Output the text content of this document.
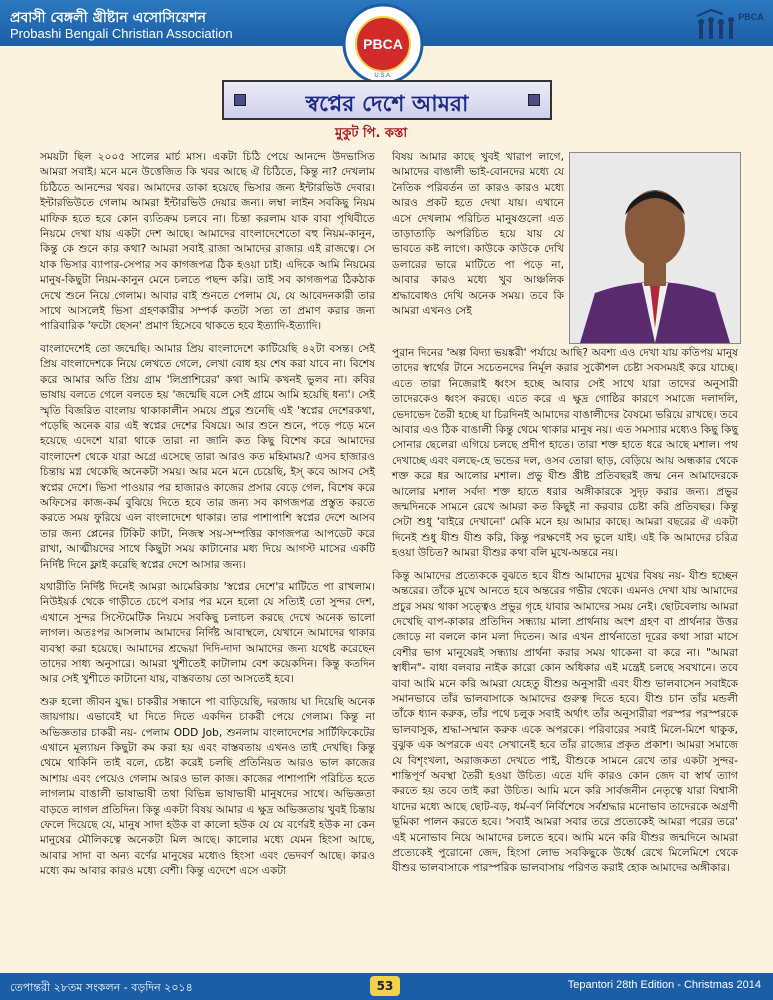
প্রবাসী বেঙ্গলী খ্রীষ্টান এসোসিয়েশন
Probashi Bengali Christian Association
PBCA
U.S.A.
PBCA
স্বপ্নের দেশে আমরা
মুকুট পি. কস্তা

সময়টা ছিল ২০০৫ সালের মার্চ মাস। একটা চিঠি পেয়ে আনন্দে উদভাসিত আমরা সবাই। মনে মনে উত্তেজিত কি খবর আছে ঐ চিঠিতে, কিন্তু না? দেখলাম চিঠিতে আনন্দের খবর। আমাদের ডাকা হয়েছে ভিসার জন্য ইন্টারভিউ দেবার। ইন্টারভিউতে গেলাম আমরা ইন্টারভিউ দেয়ার জন্য। লম্বা লাইন সবকিছু নিয়ম মাফিক হতে হবে কোন ব্যতিক্রম চলবে না। চিন্তা করলাম যাক বাবা পৃথিবীতে নিয়মে দেখা যায় একটা দেশ আছে। আমাদের বাংলাদেশেতো বহু নিয়ম-কানুন, কিন্তু কে শুনে কার কথা? আমরা সবাই রাজা আমাদের রাজার এই রাজত্বে। সে যাক ভিসার ব্যাপার-সেপার সব কাগজপত্র ঠিক হওয়া চাই। এদিকে আমি নিয়মের মানুষ-কিছুটা নিয়ম-কানুন মেনে চলতে পছন্দ করি। তাই সব কাগজপত্র ঠিকঠাক দেখে শুনে নিয়ে গেলাম। আবার বাই শুনতে পেলাম যে, যে আবেদনকারী তার সাথে আসলেই ভিসা গ্রহণকারীর সম্পর্ক কতটা সত্য তা প্রমাণ করার জন্য পারিবারিক 'ফটো ছেসন' প্রমাণ হিসেবে থাকতে হবে ইত্যাদি-ইত্যাদি।

বাংলাদেশেই তো জন্মেছি। আমার প্রিয় বাংলাদেশে কাটিয়েছি ৪২টা বসন্ত। সেই প্রিয় বাংলাদেশকে নিয়ে লেখতে গেলে, লেখা বোধ হয় শেষ করা যাবে না। বিশেষ করে আমার অতি প্রিয় গ্রাম 'লিপ্রাশিরের' কথা আমি কখনই ভুলব না। কবির ভাষায় বলতে গেলে বলতে হয় 'জন্মেছি বলে সেই গ্রামে আমি হয়েছি ধন্য'। সেই স্মৃতি বিজরিত বাংলায় থাকাকালীন সময়ে প্রচুর শুনেছি এই 'স্বপ্নের দেশেরকথা, পড়েছি অনেক বার এই স্বপ্নের দেশের বিষয়ে। আর শুনে শুনে, পড়ে পড়ে মনে হয়েছে এদেশে যারা থাকে তারা না জানি কত কিছু বিশেষ করে আমাদের বাংলাদেশ থেকে যারা অগ্রে এসেছে তারা আরও কত মহিমাময়? এসব হাজারও চিন্তায় মগ্ন থেকেছি অনেকটা সময়। আর মনে মনে চেয়েছি, ইস্ কবে আসব সেই স্বপ্নের দেশে। ভিসা পাওয়ার পর হাজারও কাজের প্রসার বেড়ে গেল, বিশেষ করে অফিসের কাজ-কর্ম বুঝিয়ে দিতে হবে তার জন্য সব কাগজপত্র প্রস্তুত করতে করতে সময় ফুরিয়ে এল বাংলাদেশে থাকার। তার পাশাপাশি স্বপ্নের দেশে আসব তার জন্য প্লেনের টিকিট কাটা, নিজস্ব সয়-সম্পত্তির কাগজপত্র আপডেট করে রাখা, আত্মীয়দের সাথে কিছুটা সময় কাটানোর মধ্য দিয়ে আগস্ট মাসের একটি নির্দিষ্ট দিনে ফ্লাই করেছি স্বপ্নের দেশে আসার জন্য।

যথারীতি নির্দিষ্ট দিনেই আমরা আমেরিকায় 'স্বপ্নের দেশে'র মাটিতে পা রাখলাম। নিউইয়র্ক থেকে গাড়ীতে চেপে বসার পর মনে হলো যে সত্যিই তো সুন্দর দেশ, এখানে সুন্দর সিস্টেমেটিক নিয়মে সবকিছু চলাচল করছে দেখে অনেক ভালো লাগল। অতঃপর আসলাম আমাদের নির্দিষ্ট আবাস্থলে, যেখানে আমাদের থাকার ব্যবস্থা করা হয়েছে। আমাদের শ্রদ্ধেয়া দিদি-দাদা আমাদের জন্য যথেষ্ট করেছেন তাদের সাধ্য অনুসারে। আমরা খুশীতেই কাটালাম বেশ কয়েকদিন। কিন্তু কতদিন আর সেই খুশীতে কাটানো যায়, বাস্তবতায় তো আসতেই হবে।

শুরু হলো জীবন যুদ্ধ। চাকরীর সন্ধানে পা বাড়িয়েছি, দরজায় ঘা দিয়েছি অনেক জায়গায়। এভাবেই ঘা দিতে দিতে একদিন চাকরী পেয়ে গেলাম। কিন্তু না অভিজ্ঞতার চাকরী নয়- পেলাম ODD Job, শুনলাম বাংলাদেশের সার্টিফিকেটের এখানে মূল্যায়ন কিছুটা কম করা হয় এবং বাস্তবতায় এখনও তাই দেখছি। কিন্তু থেমে থাকিনি তাই বলে, চেষ্টা করেই চলছি প্রতিনিয়ত আরও ভাল কাজের আশায় এবং পেয়েও গেলাম আরও ভাল কাজ। কাজের পাশাপাশি পরিচিত হতে লাগলাম বাঙালী ভাষাভাষী তথা বিভিন্ন ভাষাভাষী মানুষদের সাথে। অভিজ্ঞতা বাড়তে লাগল প্রতিদিন। কিন্তু একটা বিষয় আমার এ ক্ষুদ্র অভিজ্ঞতায় খুবই চিন্তায় ফেলে দিয়েছে যে, মানুষ সাদা হউক বা কালো হউক যে যে বর্ণেরই হউক না কেন মানুষের মৌলিকত্বে অনেকটা মিল আছে। কালোর মধ্যে যেমন হিংসা আছে, আবার সাদা বা অন্য বর্ণের মানুষের মধ্যেও হিংসা এবং ভেদবর্ণ আছে। কারও মধ্যে কম আবার কারও মধ্যে বেশী। কিন্তু এদেশে এসে একটা

বিষয় আমার কাছে খুবই খারাপ লাগে, আমাদের বাঙালী ভাই-বোনদের মধ্যে যে নৈতিক পরিবর্তন তা কারও কারও মধ্যে আরও প্রকট হতে দেখা যায়। এখানে এসে দেখলাম পরিচিত মানুষগুলো এত তাড়াতাড়ি অপরিচিত হয়ে যায় যে ভাবতে কষ্ট লাগে। কাউকে কাউকে দেখি ডলারের ভারে মাটিতে পা পড়ে না, আবার কারও মধ্যে খুব আঞ্চলিক শ্রদ্ধাবোধও দেখি অনেক সময়। তবে কি আমরা এখনও সেই

পুরান দিনের 'অল্প বিদ্যা ভয়ঙ্করী' পর্যায়ে আছি? অবশ্য এও দেখা যায় কতিপয় মানুষ তাদের স্বার্থের টানে সচেতনদের নির্মূল করার সুকৌশল চেষ্টা সবসময়ই করে যাচ্ছে। এতে তারা নিজেরাই ধ্বংস হচ্ছে আবার সেই সাথে যারা তাদের অনুসারী তাদেরকেও ধ্বংস করছে। এতে করে এ ক্ষুদ্র গোষ্ঠির কারণে সমাজে দলাদলি, ভেদাভেদ তৈরী হচ্ছে যা চিরদিনই আমাদের বাঙালীদের বৈষম্যে ভরিয়ে রাখছে। তবে আবার এও ঠিক বাঙালী কিন্তু থেমে থাকার মানুষ নয়। এত সমস্যার মধ্যেও কিছু কিছু সোনার ছেলেরা এগিয়ে চলছে প্রদীপ হাতে। তারা শক্ত হাতে ধরে আছে মশাল। পথ দেখাচ্ছে এবং বলছে-হে ভন্ডের দল, ওসব তোরা ছাড়, বেড়িয়ে আয় অন্ধকার থেকে শক্ত করে ধর আলোর মশাল। প্রভু যীশু খ্রীষ্ট প্রতিবছরই জন্ম নেন আমাদেরকে আলোর মশাল সর্বদা শক্ত হাতে ধরার অঙ্গীকারকে সুদৃঢ় করার জন্য। প্রভুর জন্মদিনকে সামনে রেখে আমরা কত কিছুই না করবার চেষ্টা করি প্রতিবছর। কিন্তু সেটা শুধু 'বাইরে দেখানো' মেকি মনে হয় আমার কাছে। আমরা বছরের ঐ একটা দিনেই শুধু যীশু যীশু করি, কিন্তু পরক্ষণেই সব ভুলে যাই। এই কি আমাদের চরিত্র হওয়া উচিত? আমরা যীশুর কথা বলি মুখে-অন্তরে নয়।

কিন্তু আমাদের প্রত্যেককে বুঝতে হবে যীশু আমাদের মুখের বিষয় নয়- যীশু হচ্ছেন অন্তরের। তাঁকে মুখে আনতে হবে অন্তরের গভীর থেকে। এমনও দেখা যায় আমাদের প্রচুর সময় থাকা সত্ত্বেও প্রভুর গৃহে যাবার আমাদের সময় নেই। ছোটবেলায় আমরা দেখেছি বাপ-কাকার প্রতিদিন সন্ধ্যায় মালা প্রার্থনায় অংশ গ্রহণ বা প্রার্থনার উত্তর জোড়ে না বললে কান মলা দিতেন। আর এখন প্রার্থনাতো দূরের কথা সারা মাসে বেশীর ভাগ মানুষেরই সন্ধ্যায় প্রার্থনা করার সময় থাকেনা বা করে না। "আমরা স্বাধীন"- বাধা বলবার নাইক কারো কোন অধিকার এই মন্ত্রেই চলছে সবখানে। তবে বাবা আমি মনে করি আমরা যেহেতু যীশুর অনুসারী এবং যীশু ভালবাসেন সবাইকে সমানভাবে তাঁর ভালবাসাকে আমাদের গুরুত্ব দিতে হবে। যীশু চান তাঁর মন্ডলী তাঁকে ধ্যান করুক, তাঁর পথে চলুক সবাই অর্থাৎ তাঁর অনুসারীরা পরস্পর পরস্পরকে ভালবাসুক, শ্রদ্ধা-সম্মান করুক একে অপরকে। পরিবারের সবাই মিলে-মিশে থাকুক, বুঝুক এক অপরকে এবং সেখানেই হবে তাঁর রাজ্যের প্রকৃত প্রকাশ। আমরা সমাজে যে বিশৃংখলা, অরাজকতা দেখতে পাই, যীশুকে সামনে রেখে তার একটা সুন্দর-শান্তিপূর্ণ অবস্থা তৈরী হওয়া উচিত। এতে যদি কারও কোন জেদ বা স্বার্থ ত্যাগ করতে হয় তবে তাই করা উচিত। আমি মনে করি সার্বজনীন নেতৃত্বে যারা বিশ্বাসী যাদের মধ্যে আছে ছোট-বড়, ধর্ম-বর্ণ নির্বিশেষে সর্বশ্রদ্ধার মনোভাব তাদেরকে অগ্রণী ভূমিকা পালন করতে হবে। 'সবাই আমরা সবার তরে প্রত্যেকেই আমরা পরের তরে' এই মনোভাব নিয়ে আমাদের চলতে হবে। আমি মনে করি যীশুর জন্মদিনে আমরা প্রত্যেকেই পুরোনো জেদ, হিংসা লোভ সবকিছুকে উর্ধ্বে রেখে মিলেমিশে থেকে যীশুর ভালবাসাকে পারস্পরিক ভালবাসায় পরিণত করাই হোক আমাদের অঙ্গীকার।

তেপান্তরী ২৮তম সংকলন - বড়দিন ২০১৪	53	Tepantori 28th Edition - Christmas 2014
